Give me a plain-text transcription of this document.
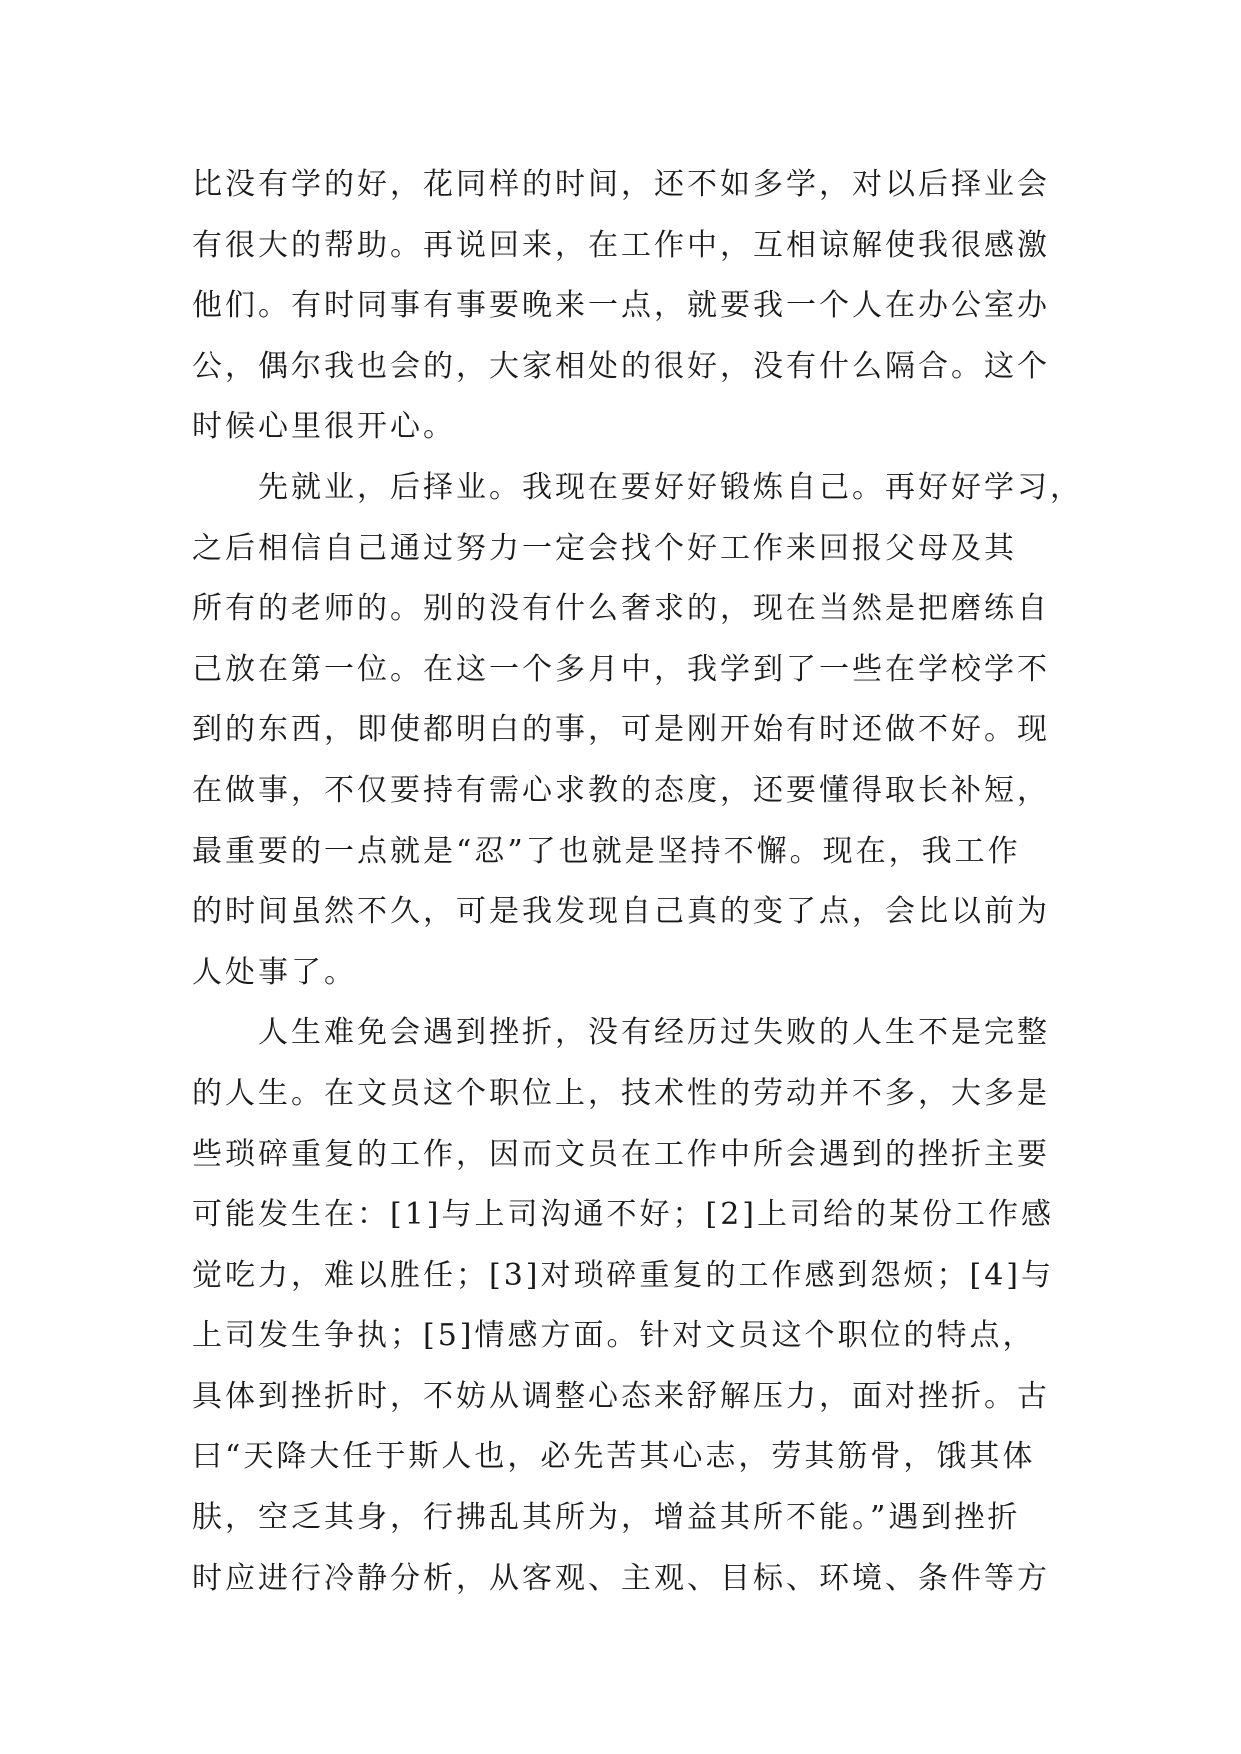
比没有学的好，花同样的时间，还不如多学，对以后择业会
有很大的帮助。再说回来，在工作中，互相谅解使我很感激
他们。有时同事有事要晚来一点，就要我一个人在办公室办
公，偶尔我也会的，大家相处的很好，没有什么隔合。这个
时候心里很开心。
　　先就业，后择业。我现在要好好锻炼自己。再好好学习，
之后相信自己通过努力一定会找个好工作来回报父母及其
所有的老师的。别的没有什么奢求的，现在当然是把磨练自
己放在第一位。在这一个多月中，我学到了一些在学校学不
到的东西，即使都明白的事，可是刚开始有时还做不好。现
在做事，不仅要持有需心求教的态度，还要懂得取长补短，
最重要的一点就是“忍”了也就是坚持不懈。现在，我工作
的时间虽然不久，可是我发现自己真的变了点，会比以前为
人处事了。
　　人生难免会遇到挫折，没有经历过失败的人生不是完整
的人生。在文员这个职位上，技术性的劳动并不多，大多是
些琐碎重复的工作，因而文员在工作中所会遇到的挫折主要
可能发生在：[1]与上司沟通不好；[2]上司给的某份工作感
觉吃力，难以胜任；[3]对琐碎重复的工作感到怨烦；[4]与
上司发生争执；[5]情感方面。针对文员这个职位的特点，
具体到挫折时，不妨从调整心态来舒解压力，面对挫折。古
曰“天降大任于斯人也，必先苦其心志，劳其筋骨，饿其体
肤，空乏其身，行拂乱其所为，增益其所不能。”遇到挫折
时应进行冷静分析，从客观、主观、目标、环境、条件等方
